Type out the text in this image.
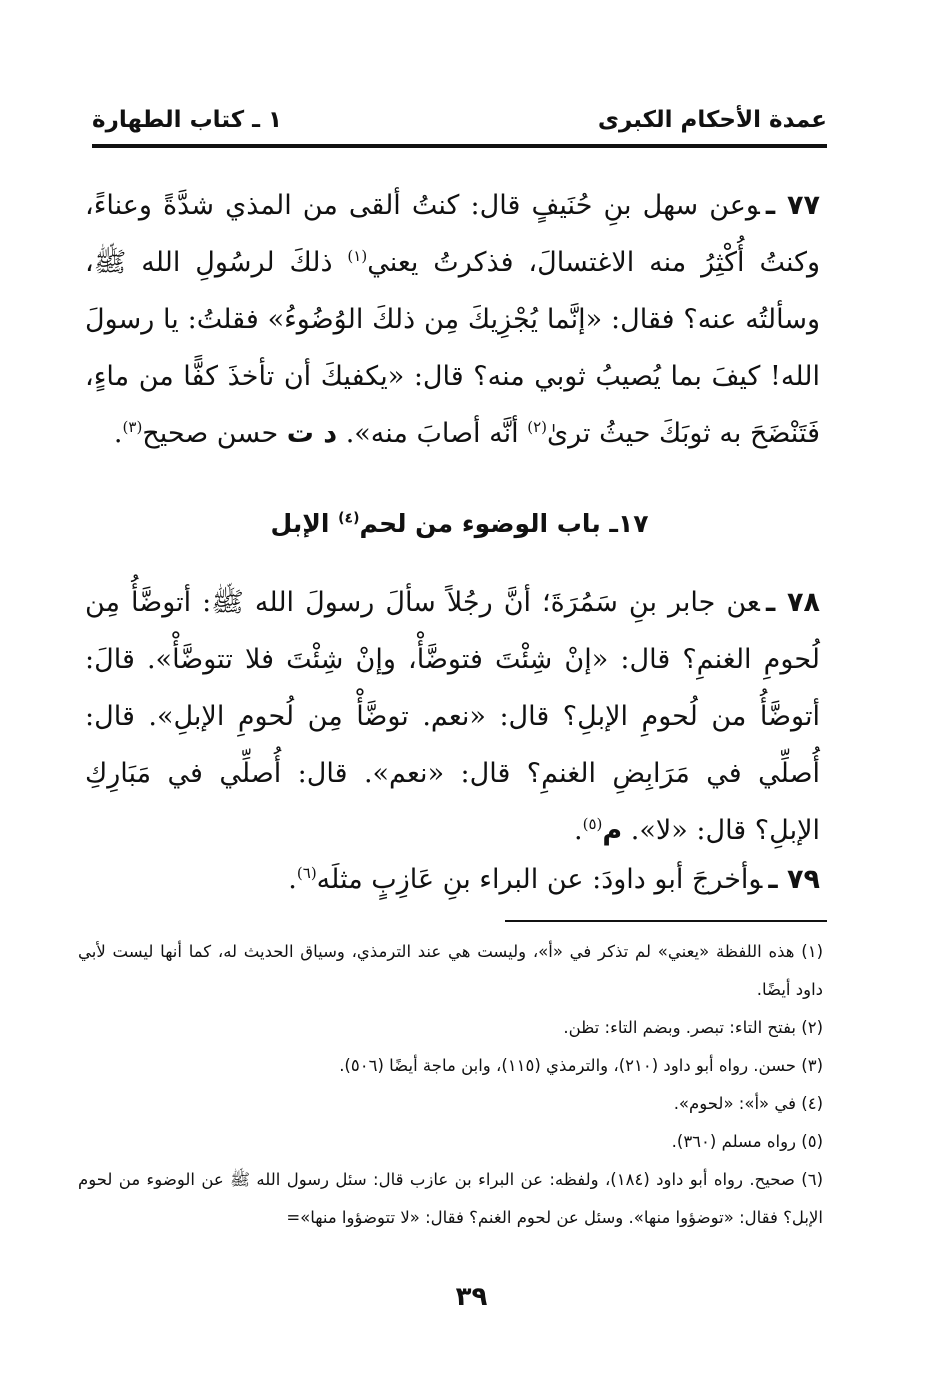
عمدة الأحكام الكبرى
١ ـ كتاب الطهارة
٧٧ ـوعن سهل بنِ حُنَيفٍ قال: كنتُ ألقى من المذي شدَّةً وعناءً، وكنتُ أُكْثِرُ منه الاغتسالَ، فذكرتُ يعني$^{(١)}$ ذلكَ لرسُولِ الله ﷺ، وسألتُه عنه؟ فقال: «إنَّما يُجْزِيكَ مِن ذلكَ الوُضُوءُ» فقلتُ: يا رسولَ الله! كيفَ بما يُصيبُ ثوبي منه؟ قال: «يكفيكَ أن تأخذَ كفًّا من ماءٍ، فَتَنْضَحَ به ثوبَكَ حيثُ ترىٰ$^{(٢)}$ أنَّه أصابَ منه». د ت حسن صحيح$^{(٣)}$.
١٧ـ باب الوضوء من لحم$^{(٤)}$ الإبل
٧٨ ـعن جابر بنِ سَمُرَةَ؛ أنَّ رجُلاً سألَ رسولَ الله ﷺ: أتوضَّأُ مِن لُحومِ الغنمِ؟ قال: «إنْ شِئْتَ فتوضَّأْ، وإنْ شِئْتَ فلا تتوضَّأْ». قالَ: أتوضَّأُ من لُحومِ الإبلِ؟ قال: «نعم. توضَّأْ مِن لُحومِ الإبلِ». قال: أُصلِّي في مَرَابِضِ الغنمِ؟ قال: «نعم». قال: أُصلِّي في مَبَارِكِ الإبلِ؟ قال: «لا». م$^{(٥)}$.
٧٩ ـوأخرجَ أبو داودَ: عن البراء بنِ عَازِبٍ مثلَه$^{(٦)}$.
(١) هذه اللفظة «يعني» لم تذكر في «أ»، وليست هي عند الترمذي، وسياق الحديث له، كما أنها ليست لأبي داود أيضًا.
(٢) بفتح التاء: تبصر. وبضم التاء: تظن.
(٣) حسن. رواه أبو داود (٢١٠)، والترمذي (١١٥)، وابن ماجة أيضًا (٥٠٦).
(٤) في «أ»: «لحوم».
(٥) رواه مسلم (٣٦٠).
(٦) صحيح. رواه أبو داود (١٨٤)، ولفظه: عن البراء بن عازب قال: سئل رسول الله ﷺ عن الوضوء من لحوم الإبل؟ فقال: «توضؤوا منها». وسئل عن لحوم الغنم؟ فقال: «لا تتوضؤوا منها»=
٣٩
